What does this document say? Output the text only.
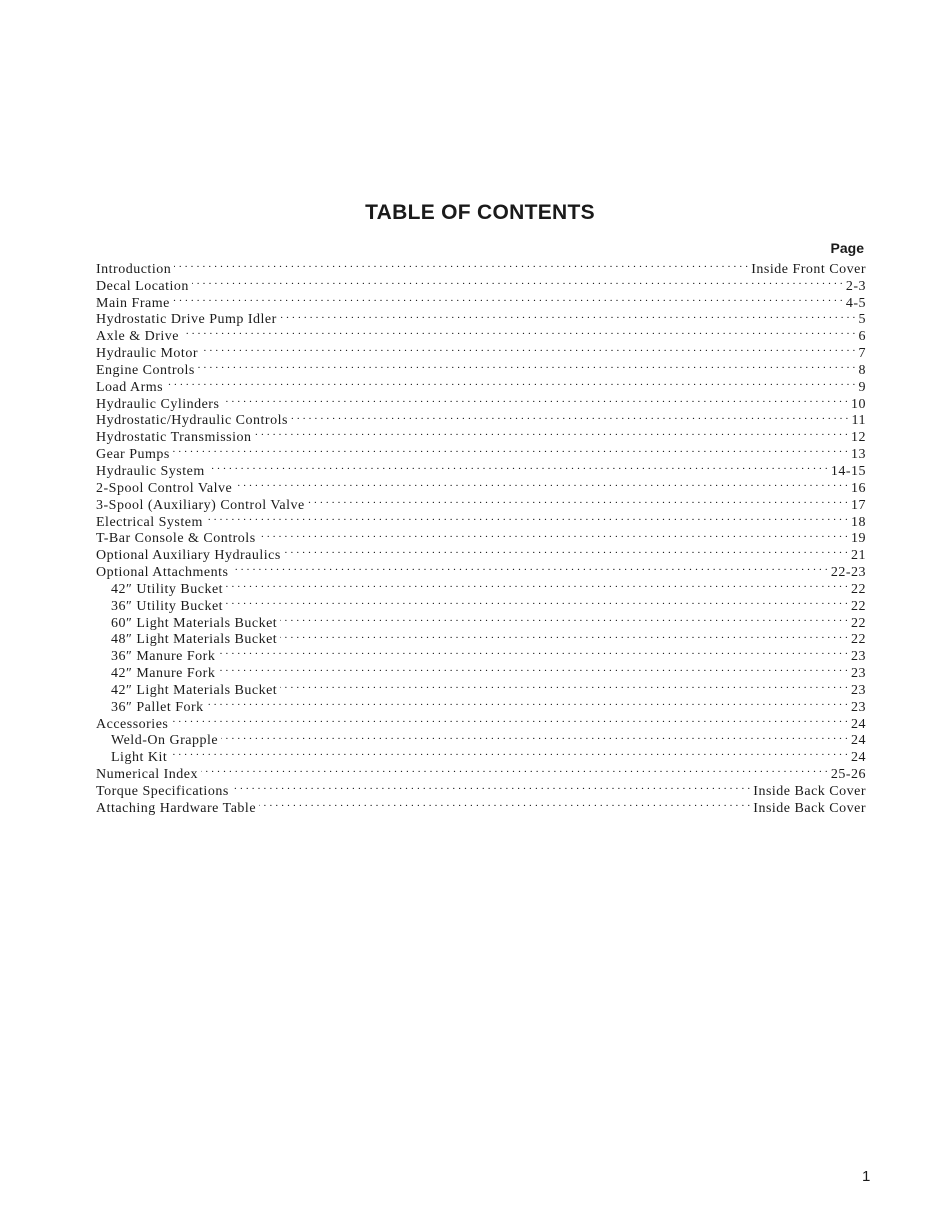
TABLE OF CONTENTS
Page
Introduction . . .	Inside Front Cover
Decal Location . . .	2-3
Main Frame . . .	4-5
Hydrostatic Drive Pump Idler . . .	5
Axle & Drive . . .	6
Hydraulic Motor . . .	7
Engine Controls . . .	8
Load Arms . . .	9
Hydraulic Cylinders . . .	10
Hydrostatic/Hydraulic Controls . . .	11
Hydrostatic Transmission . . .	12
Gear Pumps . . .	13
Hydraulic System . . .	14-15
2-Spool Control Valve . . .	16
3-Spool (Auxiliary) Control Valve . . .	17
Electrical System . . .	18
T-Bar Console & Controls . . .	19
Optional Auxiliary Hydraulics . . .	21
Optional Attachments . . .	22-23
42″ Utility Bucket . . .	22
36″ Utility Bucket . . .	22
60″ Light Materials Bucket . . .	22
48″ Light Materials Bucket . . .	22
36″ Manure Fork . . .	23
42″ Manure Fork . . .	23
42″ Light Materials Bucket . . .	23
36″ Pallet Fork . . .	23
Accessories . . .	24
Weld-On Grapple . . .	24
Light Kit . . .	24
Numerical Index . . .	25-26
Torque Specifications . . .	Inside Back Cover
Attaching Hardware Table . . .	Inside Back Cover
1
